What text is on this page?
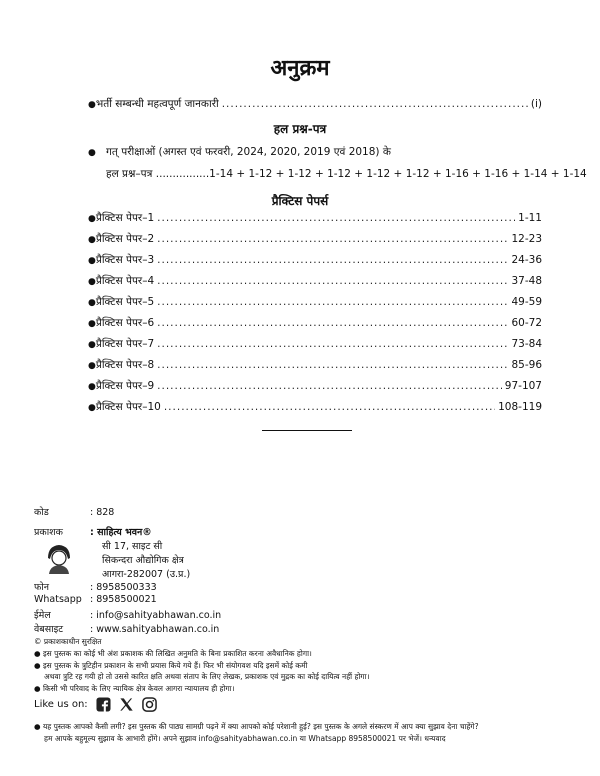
अनुक्रम
● भर्ती सम्बन्धी महत्वपूर्ण जानकारी .....	(i)
हल प्रश्न-पत्र
● गत् परीक्षाओं (अगस्त एवं फरवरी, 2024, 2020, 2019 एवं 2018) के
हल प्रश्न–पत्र ................1-14 + 1-12 + 1-12 + 1-12 + 1-12 + 1-12 + 1-16 + 1-16 + 1-14 + 1-14
प्रैक्टिस पेपर्स
● प्रैक्टिस पेपर–1 .....	1-11
● प्रैक्टिस पेपर–2 .....	12-23
● प्रैक्टिस पेपर–3 .....	24-36
● प्रैक्टिस पेपर–4 .....	37-48
● प्रैक्टिस पेपर–5 .....	49-59
● प्रैक्टिस पेपर–6 .....	60-72
● प्रैक्टिस पेपर–7 .....	73-84
● प्रैक्टिस पेपर–8 .....	85-96
● प्रैक्टिस पेपर–9 .....	97-107
● प्रैक्टिस पेपर–10 .....	108-119
कोड	: 828
प्रकाशक	: साहित्य भवन®
सी 17, साइट सी
सिकन्दरा औद्योगिक क्षेत्र
आगरा-282007 (उ.प्र.)
फोन	: 8958500333
Whatsapp : 8958500021
ईमेल	: info@sahityabhawan.co.in
वेबसाइट	: www.sahityabhawan.co.in
© प्रकाशकाधीन सुरक्षित
● इस पुस्तक का कोई भी अंश प्रकाशक की लिखित अनुमति के बिना प्रकाशित करना अवैधानिक होगा।
● इस पुस्तक के त्रुटिहीन प्रकाशन के सभी प्रयास किये गये हैं। फिर भी संयोगवश यदि इसमें कोई कमी
अथवा त्रुटि रह गयी हो तो उससे कारित क्षति अथवा संताप के लिए लेखक, प्रकाशक एवं मुद्रक का कोई दायित्व नहीं होगा।
● किसी भी परिवाद के लिए न्यायिक क्षेत्र केवल आगरा न्यायालय ही होगा।
Like us on:
● यह पुस्तक आपको कैसी लगी? इस पुस्तक की पाठ्य सामग्री पढ़ने में क्या आपको कोई परेशानी हुई? इस पुस्तक के अगले संस्करण में आप क्या सुझाव देना चाहेंगे?
हम आपके बहुमूल्य सुझाव के आभारी होंगे। अपने सुझाव info@sahityabhawan.co.in या Whatsapp 8958500021 पर भेजें। धन्यवाद
